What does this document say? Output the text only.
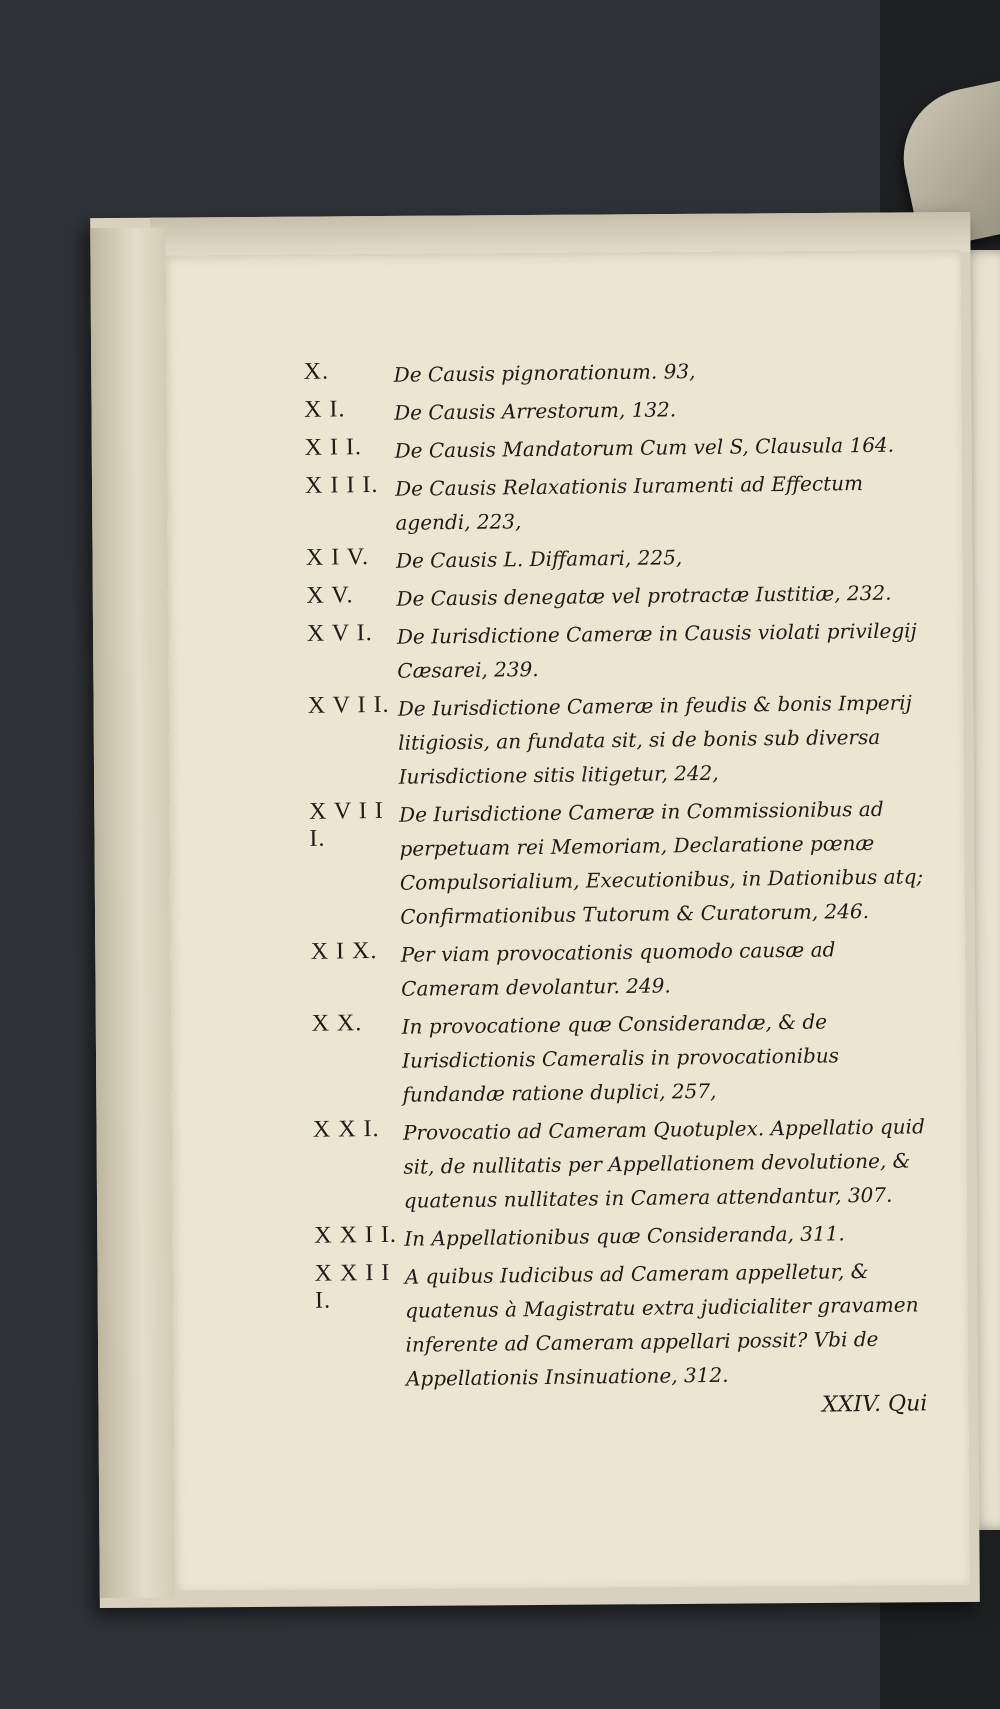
X.	De Causis pignorationum. 93,
X I.	De Causis Arrestorum, 132.
X I I.	De Causis Mandatorum Cum vel S, Clausula 164.
X I I I. De Causis Relaxationis Iuramenti ad Effectum agendi, 223,
X I V.	De Causis L. Diffamari, 225,
X V.	De Causis denegatæ vel protractæ Iustitiæ, 232.
X V I.	De Iurisdictione Cameræ in Causis violati privilegij Cæsarei, 239.
X V I I. De Iurisdictione Cameræ in feudis & bonis Imperij litigiosis, an fundata sit, si de bonis sub diversa Iurisdictione sitis litigetur, 242,
X V I I I.
De Iurisdictione Cameræ in Commissionibus ad perpetuam rei Memoriam, Declaratione pœnæ Compulsorialium, Executionibus, in Dationibus atq; Confirmationibus Tutorum & Curatorum, 246.
X I X.	Per viam provocationis quomodo causæ ad Cameram devolantur. 249.
X X.	In provocatione quæ Considerandæ, & de Iurisdictionis Cameralis in provocationibus fundandæ ratione duplici, 257,
X X I.	Provocatio ad Cameram Quotuplex. Appellatio quid sit, de nullitatis per Appellationem devolutione, & quatenus nullitates in Camera attendantur, 307.
X X I I. In Appellationibus quæ Consideranda, 311.
X X I I I.
A quibus Iudicibus ad Cameram appelletur, & quatenus à Magistratu extra judicialiter gravamen inferente ad Cameram appellari possit? Vbi de Appellationis Insinuatione, 312.
XXIV. Qui
